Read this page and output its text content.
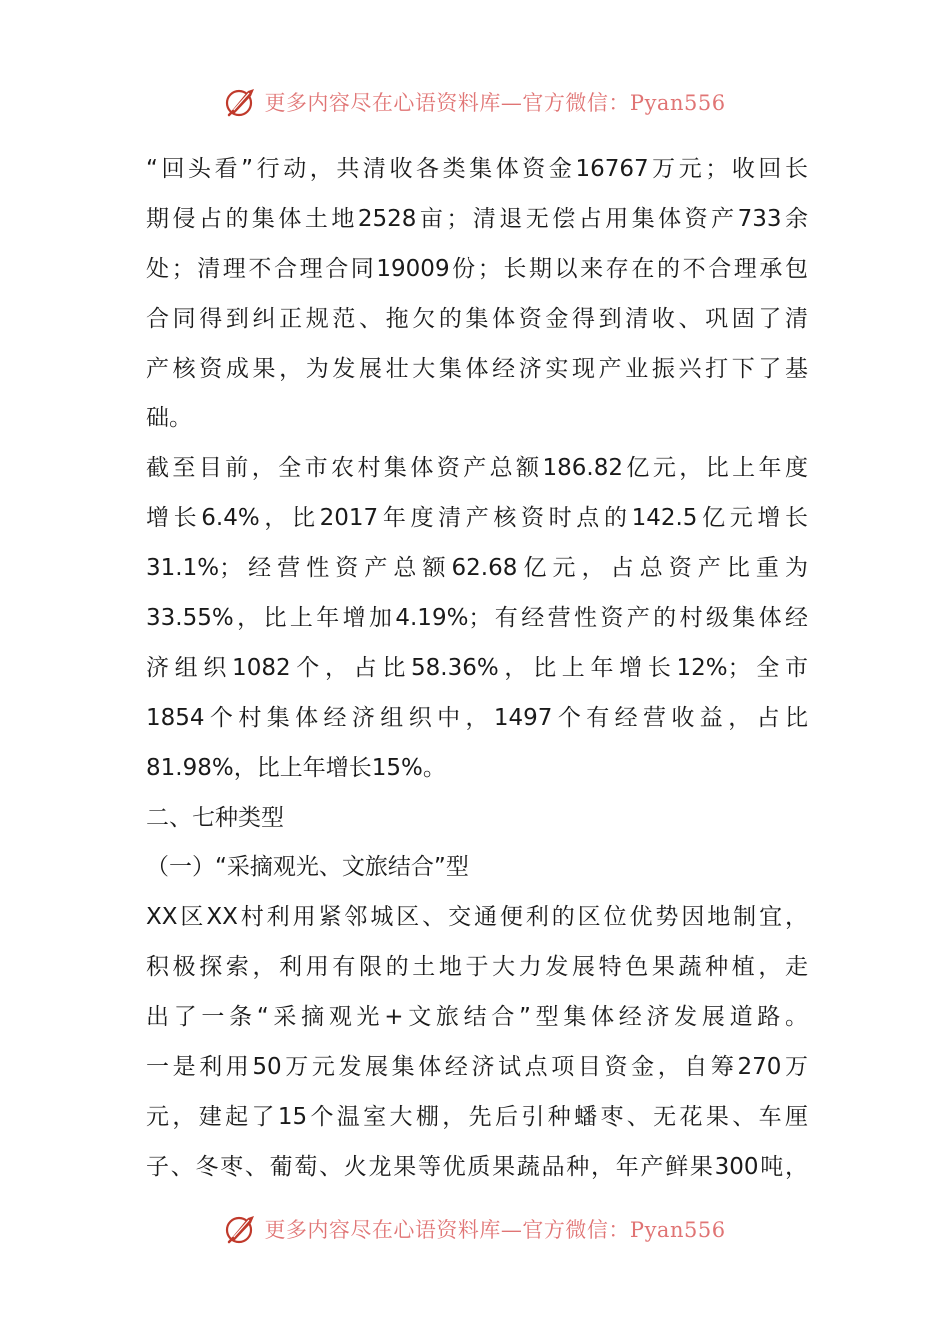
更多内容尽在心语资料库—官方微信：Pyan556
“回头看”行动，共清收各类集体资金16767万元；收回长
期侵占的集体土地2528亩；清退无偿占用集体资产733余
处；清理不合理合同19009份；长期以来存在的不合理承包
合同得到纠正规范、拖欠的集体资金得到清收、巩固了清
产核资成果，为发展壮大集体经济实现产业振兴打下了基
础。
截至目前，全市农村集体资产总额186.82亿元，比上年度
增长6.4%，比2017年度清产核资时点的142.5亿元增长
31.1%；经营性资产总额62.68亿元，占总资产比重为
33.55%，比上年增加4.19%；有经营性资产的村级集体经
济组织1082个，占比58.36%，比上年增长12%；全市
1854个村集体经济组织中，1497个有经营收益，占比
81.98%，比上年增长15%。
二、七种类型
（一）“采摘观光、文旅结合”型
XX区XX村利用紧邻城区、交通便利的区位优势因地制宜，
积极探索，利用有限的土地于大力发展特色果蔬种植，走
出了一条“采摘观光+文旅结合”型集体经济发展道路。
一是利用50万元发展集体经济试点项目资金，自筹270万
元，建起了15个温室大棚，先后引种蟠枣、无花果、车厘
子、冬枣、葡萄、火龙果等优质果蔬品种，年产鲜果300吨，
更多内容尽在心语资料库—官方微信：Pyan556
